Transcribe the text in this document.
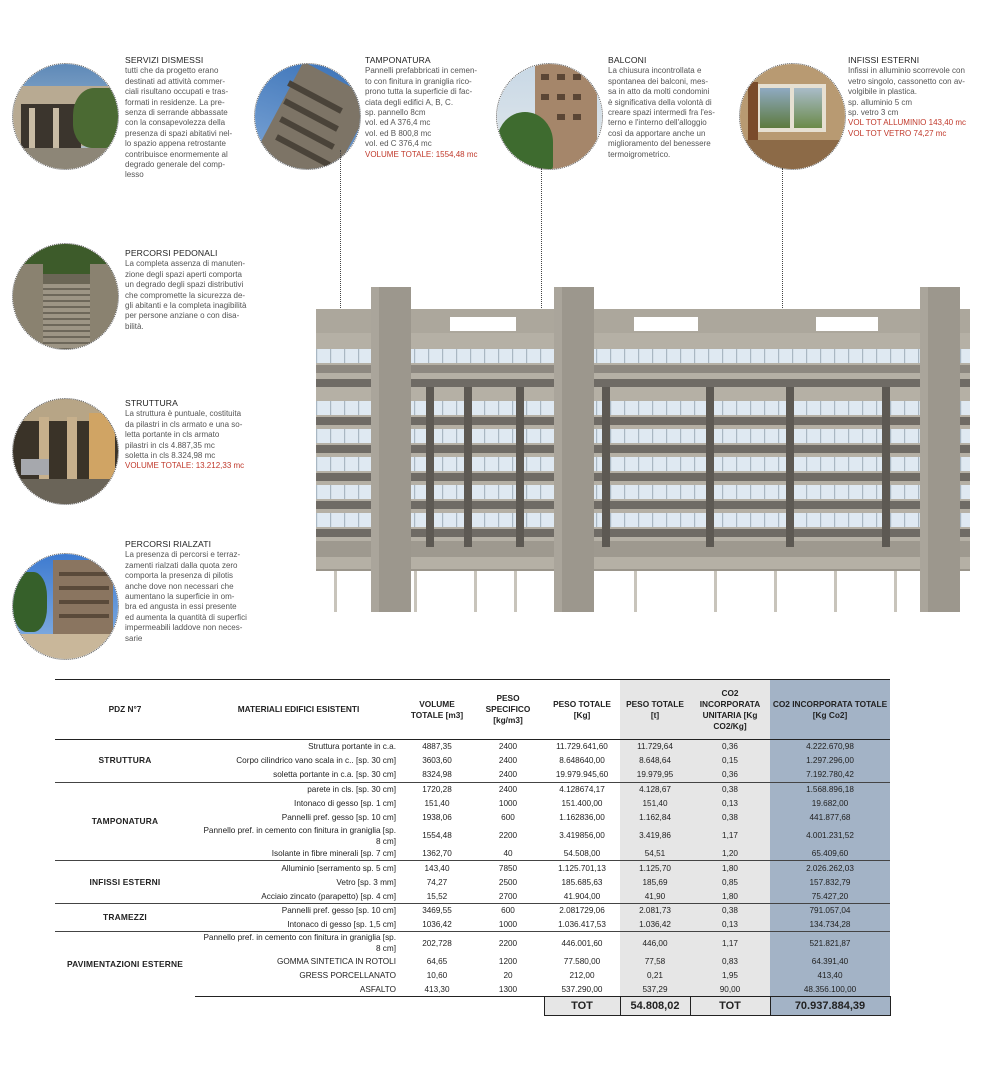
SERVIZI DISMESSI
tutti che da progetto erano
destinati ad attività commer-
ciali risultano occupati e tras-
formati in residenze. La pre-
senza di serrande abbassate
con la consapevolezza della
presenza di spazi abitativi nel-
lo spazio appena retrostante
contribuisce enormemente al
degrado generale del comp-
lesso
TAMPONATURA
Pannelli prefabbricati in cemen-
to con finitura in graniglia rico-
prono tutta la superficie di fac-
ciata degli edifici A, B, C.
sp. pannello 8cm
vol. ed A 376,4 mc
vol. ed B 800,8 mc
vol. ed C 376,4 mc
VOLUME TOTALE: 1554,48 mc
BALCONI
La chiusura incontrollata e
spontanea dei balconi, mes-
sa in atto da molti condomini
è significativa della volontà di
creare spazi intermedi fra l'es-
terno e l'interno dell'alloggio
così da apportare anche un
miglioramento del benessere
termoigrometrico.
INFISSI ESTERNI
Infissi in alluminio scorrevole con
vetro singolo, cassonetto con av-
volgibile in plastica.
sp. alluminio 5 cm
sp. vetro 3 cm
VOL TOT ALLUMINIO 143,40 mc
VOL TOT VETRO 74,27 mc
PERCORSI PEDONALI
La completa assenza di manuten-
zione degli spazi aperti comporta
un degrado degli spazi distributivi
che compromette la sicurezza de-
gli abitanti e la completa inagibilità
per persone anziane o con disa-
bilità.
STRUTTURA
La struttura è puntuale, costituita
da pilastri in cls armato e una so-
letta portante in cls armato
pilastri in cls 4.887,35 mc
soletta in cls 8.324,98 mc
VOLUME TOTALE: 13.212,33 mc
PERCORSI RIALZATI
La presenza di percorsi e terraz-
zamenti rialzati dalla quota zero
comporta la presenza di pilotis
anche dove non necessari che
aumentano la superficie in om-
bra ed angusta in essi presente
ed aumenta la quantità di superfici
impermeabili laddove non neces-
sarie
PDZ N°7	MATERIALI EDIFICI ESISTENTI	VOLUME TOTALE [m3]	PESO SPECIFICO [kg/m3]	PESO TOTALE [Kg]	PESO TOTALE [t]	CO2 INCORPORATA UNITARIA [Kg CO2/Kg]	CO2 INCORPORATA TOTALE [Kg Co2]
STRUTTURA	Struttura portante in c.a.	4887,35	2400	11.729.641,60	11.729,64	0,36	4.222.670,98
	Corpo cilindrico vano scala in c.. [sp. 30 cm]	3603,60	2400	8.648640,00	8.648,64	0,15	1.297.296,00
	soletta portante in c.a. [sp. 30 cm]	8324,98	2400	19.979.945,60	19.979,95	0,36	7.192.780,42
TAMPONATURA	parete in cls. [sp. 30 cm]	1720,28	2400	4.128674,17	4.128,67	0,38	1.568.896,18
	Intonaco di gesso [sp. 1 cm]	151,40	1000	151.400,00	151,40	0,13	19.682,00
	Pannelli pref. gesso [sp. 10 cm]	1938,06	600	1.162836,00	1.162,84	0,38	441.877,68
	Pannello pref. in cemento con finitura in graniglia [sp. 8 cm]	1554,48	2200	3.419856,00	3.419,86	1,17	4.001.231,52
	Isolante in fibre minerali [sp. 7 cm]	1362,70	40	54.508,00	54,51	1,20	65.409,60
INFISSI ESTERNI	Alluminio [serramento sp. 5 cm]	143,40	7850	1.125.701,13	1.125,70	1,80	2.026.262,03
	Vetro [sp. 3 mm]	74,27	2500	185.685,63	185,69	0,85	157.832,79
	Acciaio zincato (parapetto) [sp. 4 cm]	15,52	2700	41.904,00	41,90	1,80	75.427,20
TRAMEZZI	Pannelli pref. gesso [sp. 10 cm]	3469,55	600	2.081729,06	2.081,73	0,38	791.057,04
	Intonaco di gesso [sp. 1,5 cm]	1036,42	1000	1.036.417,53	1.036,42	0,13	134.734,28
PAVIMENTAZIONI ESTERNE	Pannello pref. in cemento con finitura in graniglia [sp. 8 cm]	202,728	2200	446.001,60	446,00	1,17	521.821,87
	GOMMA SINTETICA IN ROTOLI	64,65	1200	77.580,00	77,58	0,83	64.391,40
	GRESS PORCELLANATO	10,60	20	212,00	0,21	1,95	413,40
	ASFALTO	413,30	1300	537.290,00	537,29	90,00	48.356.100,00
				TOT	54.808,02	TOT	70.937.884,39
